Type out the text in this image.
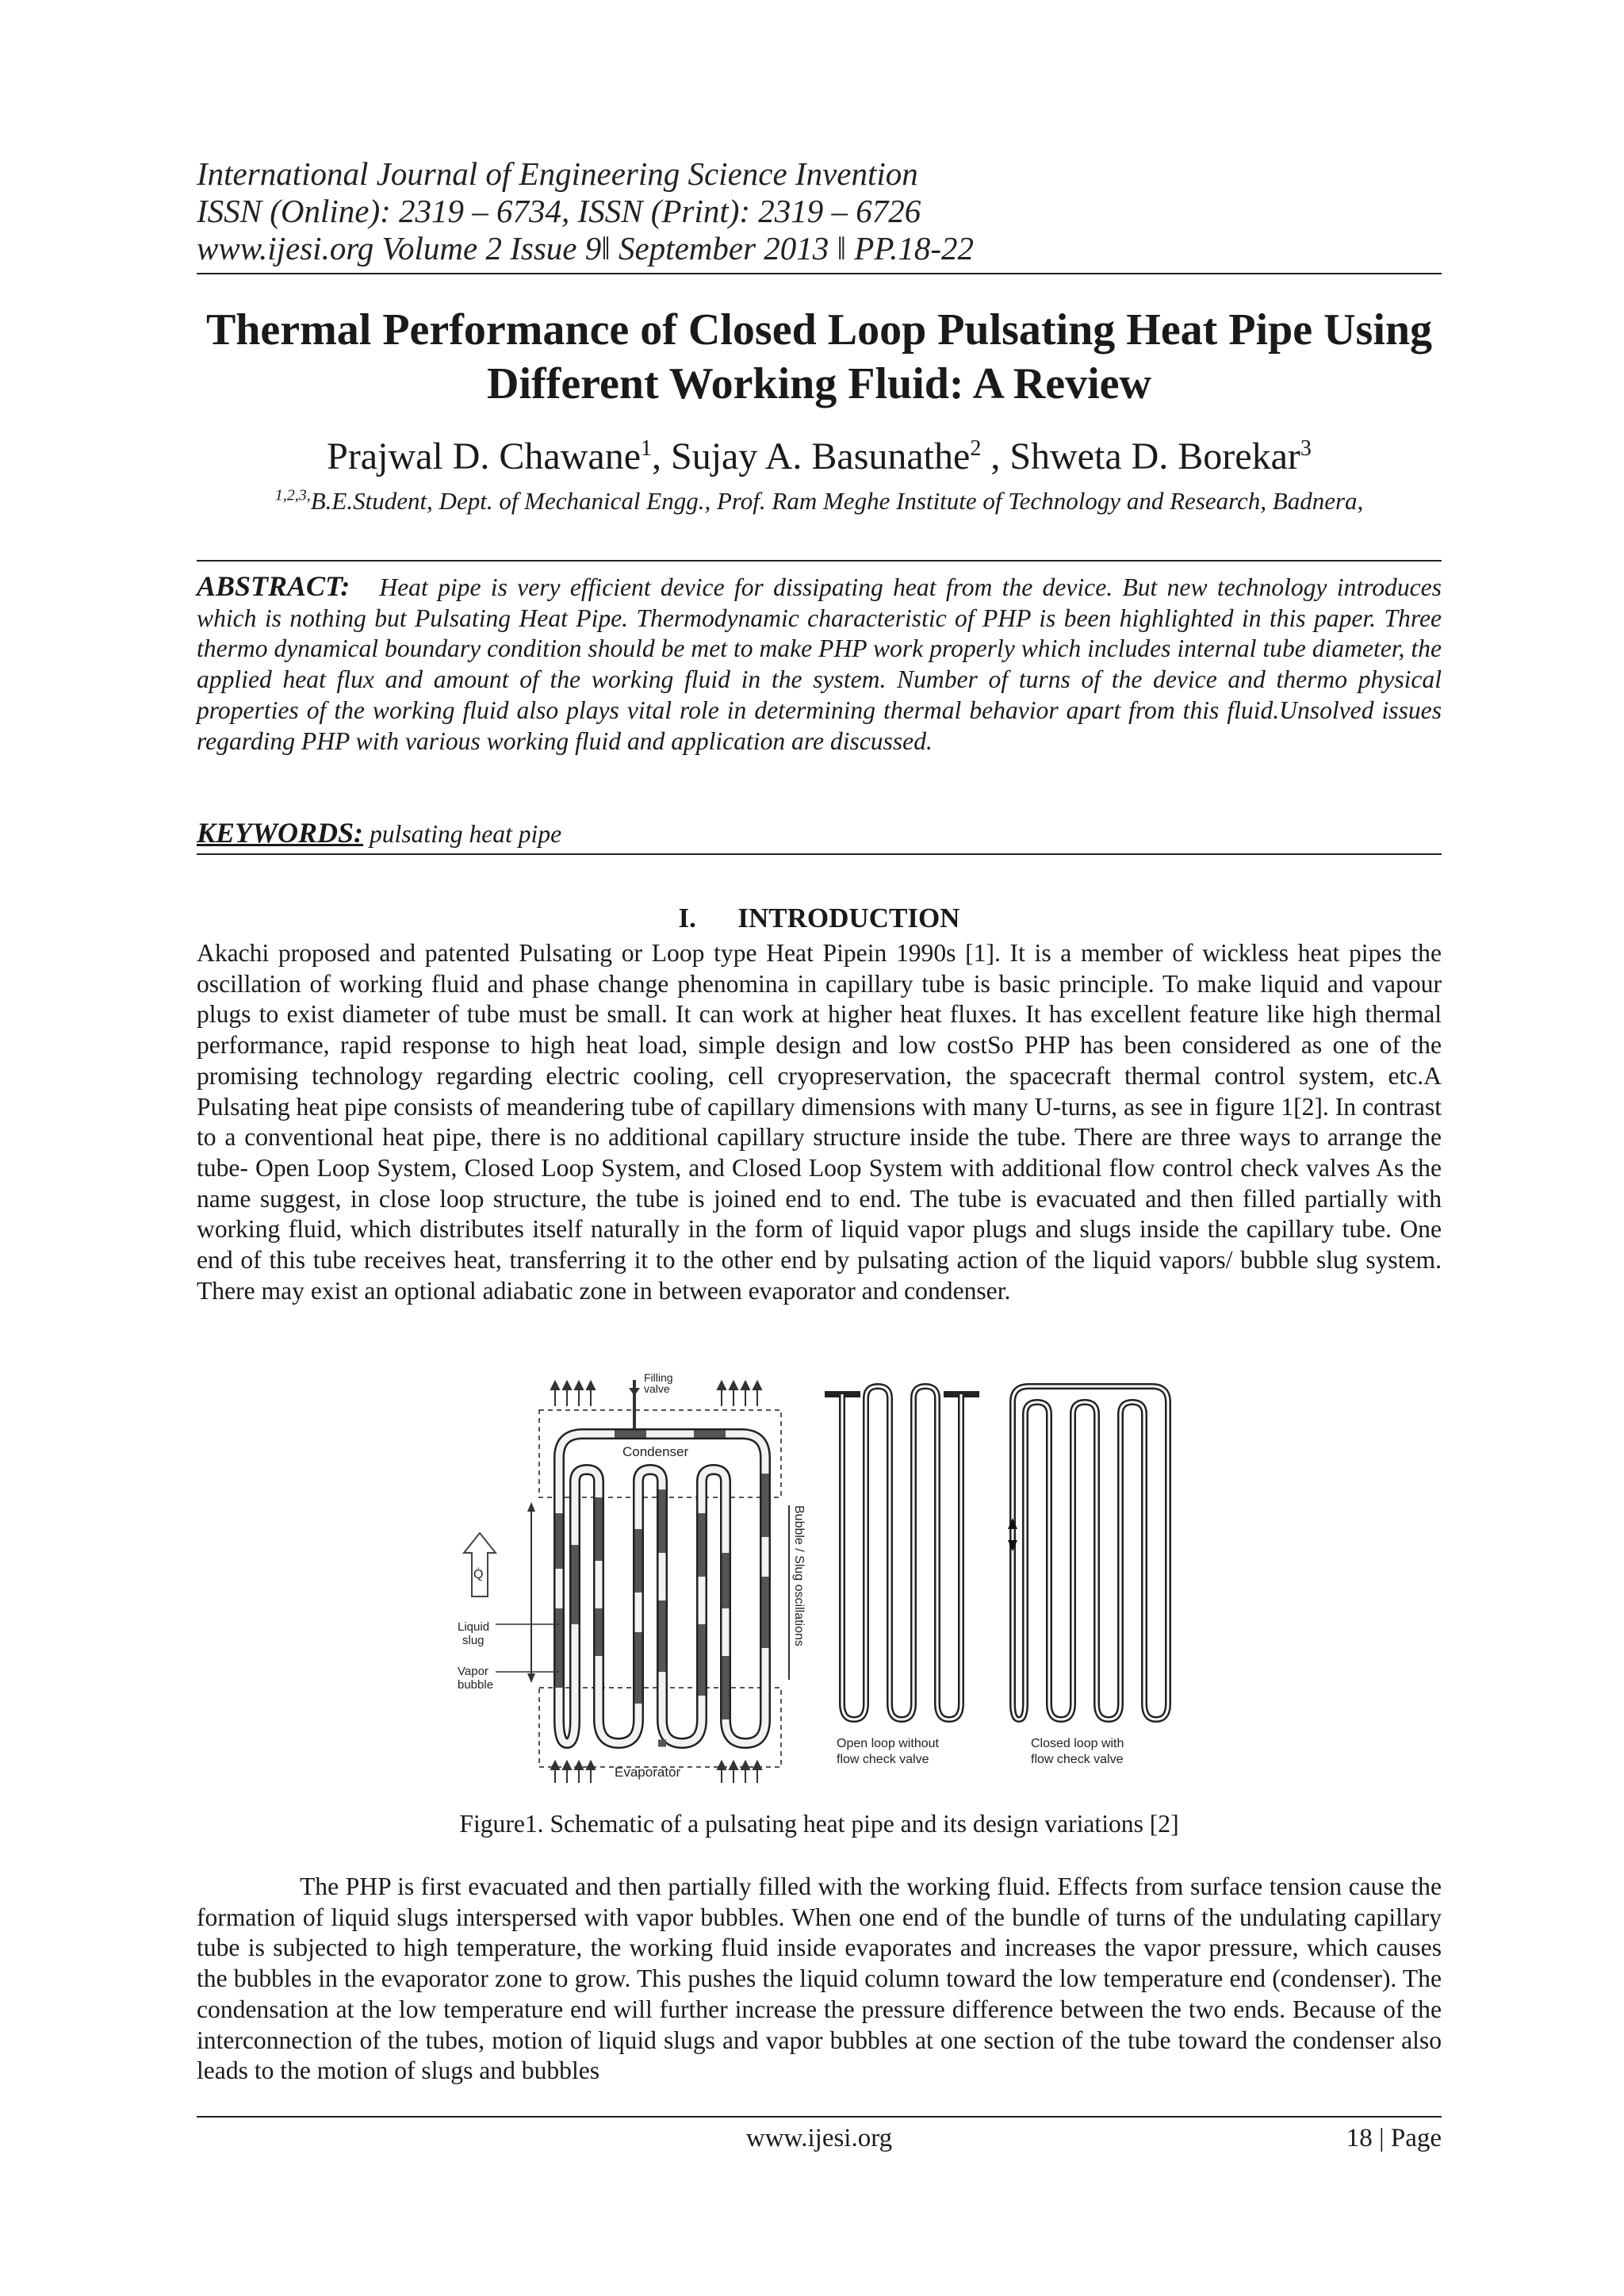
International Journal of Engineering Science Invention
ISSN (Online): 2319 – 6734, ISSN (Print): 2319 – 6726
www.ijesi.org Volume 2 Issue 9ǁ September 2013 ǁ PP.18-22
Thermal Performance of Closed Loop Pulsating Heat Pipe Using
Different Working Fluid: A Review
Prajwal D. Chawane$^1$, Sujay A. Basunathe$^2$ , Shweta D. Borekar$^3$
$^{1,2,3,}$B.E.Student, Dept. of Mechanical Engg., Prof. Ram Meghe Institute of Technology and Research, Badnera,
ABSTRACT: Heat pipe is very efficient device for dissipating heat from the device. But new technology introduces which is nothing but Pulsating Heat Pipe. Thermodynamic characteristic of PHP is been highlighted in this paper. Three thermo dynamical boundary condition should be met to make PHP work properly which includes internal tube diameter, the applied heat flux and amount of the working fluid in the system. Number of turns of the device and thermo physical properties of the working fluid also plays vital role in determining thermal behavior apart from this fluid.Unsolved issues regarding PHP with various working fluid and application are discussed.
KEYWORDS: pulsating heat pipe
I. INTRODUCTION
Akachi proposed and patented Pulsating or Loop type Heat Pipein 1990s [1]. It is a member of wickless heat pipes the oscillation of working fluid and phase change phenomina in capillary tube is basic principle. To make liquid and vapour plugs to exist diameter of tube must be small. It can work at higher heat fluxes. It has excellent feature like high thermal performance, rapid response to high heat load, simple design and low costSo PHP has been considered as one of the promising technology regarding electric cooling, cell cryopreservation, the spacecraft thermal control system, etc.A Pulsating heat pipe consists of meandering tube of capillary dimensions with many U-turns, as see in figure 1[2]. In contrast to a conventional heat pipe, there is no additional capillary structure inside the tube. There are three ways to arrange the tube- Open Loop System, Closed Loop System, and Closed Loop System with additional flow control check valves As the name suggest, in close loop structure, the tube is joined end to end. The tube is evacuated and then filled partially with working fluid, which distributes itself naturally in the form of liquid vapor plugs and slugs inside the capillary tube. One end of this tube receives heat, transferring it to the other end by pulsating action of the liquid vapors/ bubble slug system. There may exist an optional adiabatic zone in between evaporator and condenser.
Filling
valve
Condenser
Evaporator
Bubble / Slug oscillations
Q̇
Liquid
slug
Vapor
bubble
Open loop without
flow check valve
Closed loop with
flow check valve
Figure1. Schematic of a pulsating heat pipe and its design variations [2]
The PHP is first evacuated and then partially filled with the working fluid. Effects from surface tension cause the formation of liquid slugs interspersed with vapor bubbles. When one end of the bundle of turns of the undulating capillary tube is subjected to high temperature, the working fluid inside evaporates and increases the vapor pressure, which causes the bubbles in the evaporator zone to grow. This pushes the liquid column toward the low temperature end (condenser). The condensation at the low temperature end will further increase the pressure difference between the two ends. Because of the interconnection of the tubes, motion of liquid slugs and vapor bubbles at one section of the tube toward the condenser also leads to the motion of slugs and bubbles
www.ijesi.org	18 | Page
